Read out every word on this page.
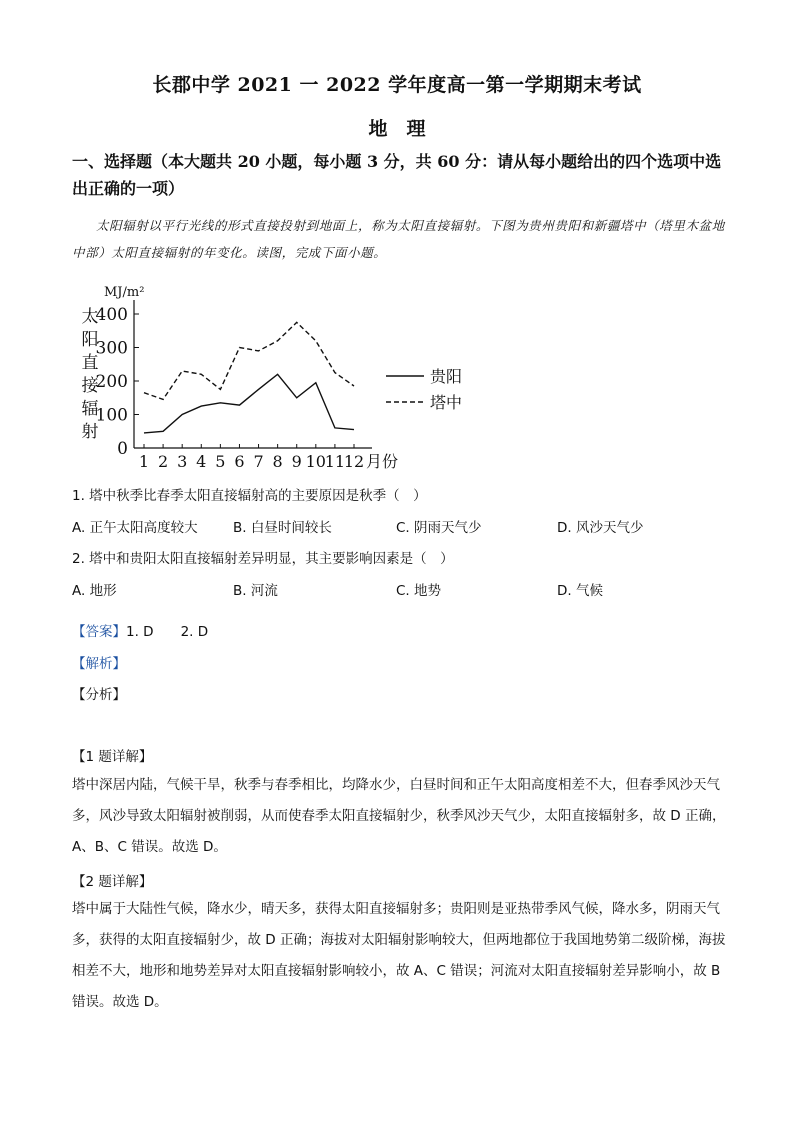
长郡中学 2021 一 2022 学年度高一第一学期期末考试
地　理
一、选择题（本大题共 20 小题，每小题 3 分，共 60 分：请从每小题给出的四个选项中选出正确的一项）
太阳辐射以平行光线的形式直接投射到地面上，称为太阳直接辐射。下图为贵州贵阳和新疆塔中（塔里木盆地中部）太阳直接辐射的年变化。读图，完成下面小题。
MJ/m²
0
100
200
300
400
太
阳
直
接
辐
射
1 2 3 4 5 6 7 8 9 10
11
12 月份
贵阳
塔中
1. 塔中秋季比春季太阳直接辐射高的主要原因是秋季（　）
A. 正午太阳高度较大	B. 白昼时间较长	C. 阴雨天气少	D. 风沙天气少
2. 塔中和贵阳太阳直接辐射差异明显，其主要影响因素是（　）
A. 地形	B. 河流	C. 地势	D. 气候
【答案】1. D　　2. D
【解析】
【分析】
【1 题详解】
塔中深居内陆，气候干旱，秋季与春季相比，均降水少，白昼时间和正午太阳高度相差不大，但春季风沙天气多，风沙导致太阳辐射被削弱，从而使春季太阳直接辐射少，秋季风沙天气少，太阳直接辐射多，故 D 正确，A、B、C 错误。故选 D。
【2 题详解】
塔中属于大陆性气候，降水少，晴天多，获得太阳直接辐射多；贵阳则是亚热带季风气候，降水多，阴雨天气多，获得的太阳直接辐射少，故 D 正确；海拔对太阳辐射影响较大，但两地都位于我国地势第二级阶梯，海拔相差不大，地形和地势差异对太阳直接辐射影响较小，故 A、C 错误；河流对太阳直接辐射差异影响小，故 B 错误。故选 D。
